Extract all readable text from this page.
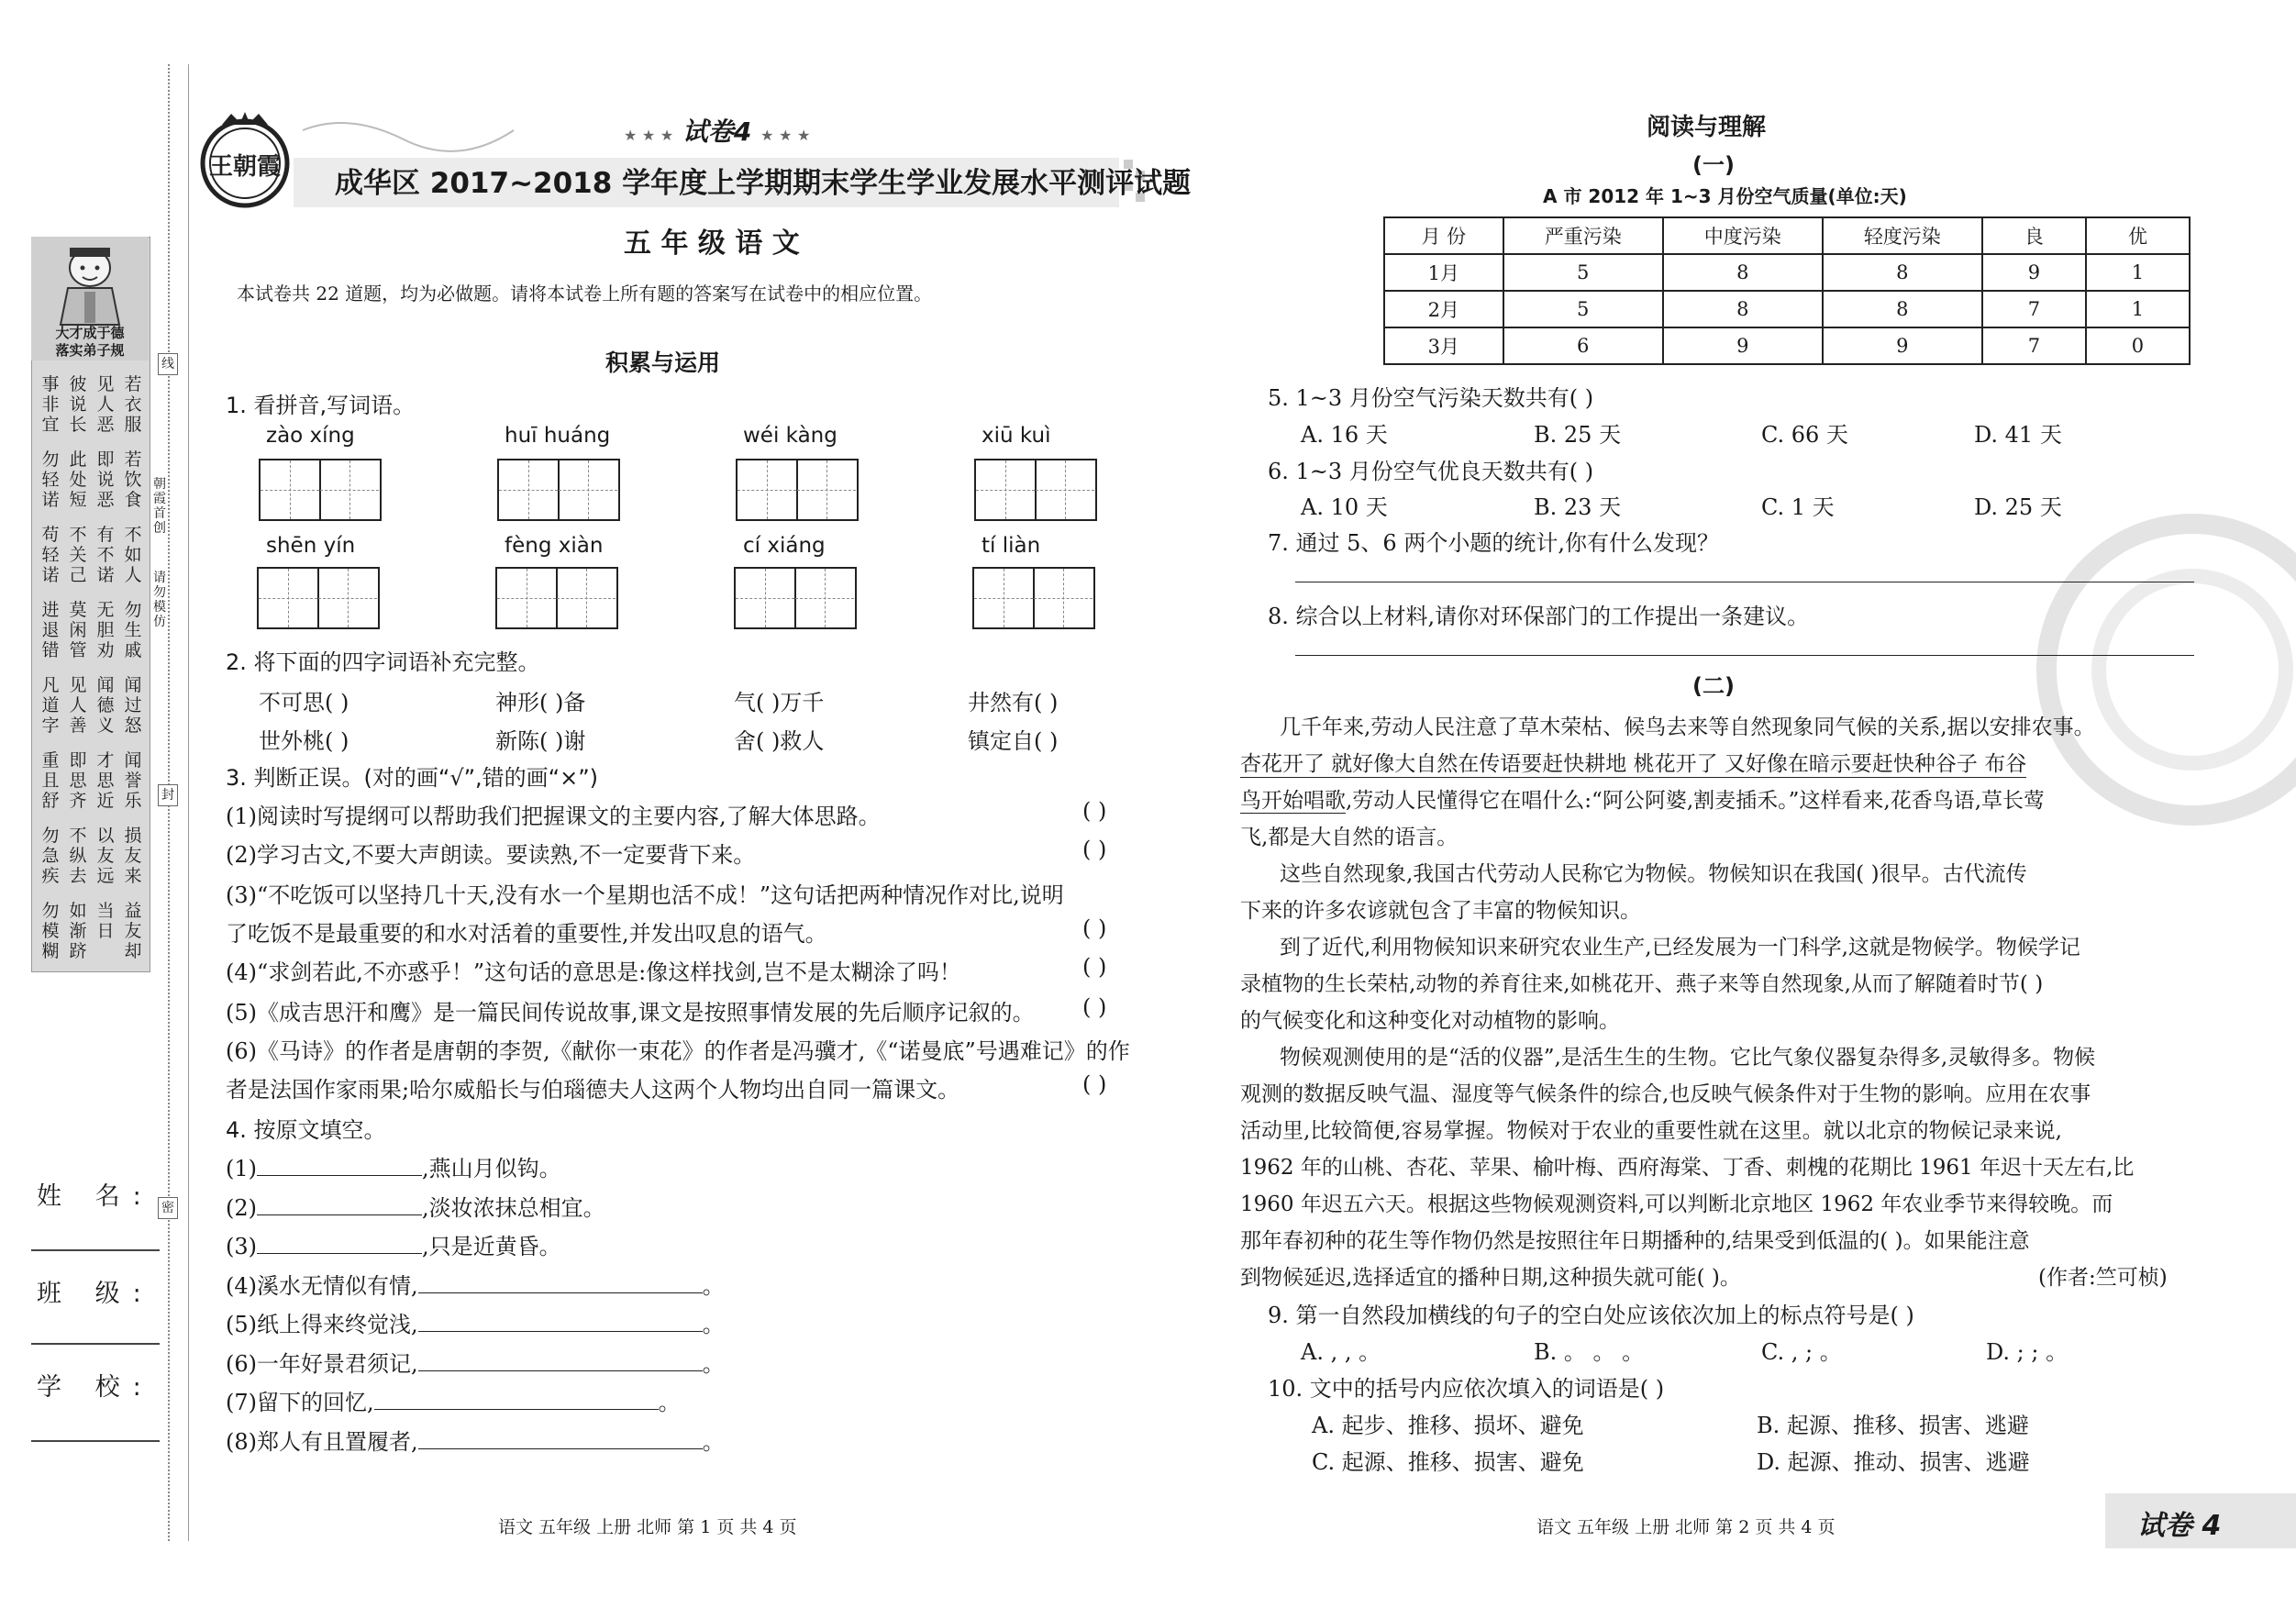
大才成于德
落实弟子规
线
封
密
朝霞首创
请勿模仿
姓 名:
班 级:
学 校:
王朝霞
★ ★ ★ 试卷4 ★ ★ ★
成华区 2017~2018 学年度上学期期末学生学业发展水平测评试题
五 年 级 语 文
本试卷共 22 道题，均为必做题。请将本试卷上所有题的答案写在试卷中的相应位置。
积累与运用
1. 看拼音,写词语。
2. 将下面的四字词语补充完整。
3. 判断正误。(对的画“√”,错的画“×”)
4. 按原文填空。
语文 五年级 上册 北师 第 1 页 共 4 页
阅读与理解
(一)
A 市 2012 年 1~3 月份空气质量(单位:天)
月 份	严重污染	中度污染	轻度污染	良	优
1月	5	8	8	9	1
2月	5	8	8	7	1
3月	6	9	9	7	0
(二)
语文 五年级 上册 北师 第 2 页 共 4 页	试卷 4
事非宜
彼说长
见人恶
若衣服
勿轻诺
此处短
即说恶
若饮食
苟轻诺
不关己
有不诺
不如人
进退错
莫闲管
无胆劝
勿生戚
凡道字
见人善
闻德义
闻过怒
重且舒
即思齐
才思近
闻誉乐
勿急疾
不纵去
以友远
损友来
勿模糊
如渐跻
当日
益友却
zào xíng	huī huáng	wéi kàng	xiū kuì
shēn yín	fèng xiàn	cí xiáng	tí liàn
不可思( )	神形( )备	气( )万千	井然有( )
世外桃( )	新陈( )谢	舍( )救人	镇定自( )
(1)阅读时写提纲可以帮助我们把握课文的主要内容,了解大体思路。	( )
(2)学习古文,不要大声朗读。要读熟,不一定要背下来。	( )
(3)“不吃饭可以坚持几十天,没有水一个星期也活不成！”这句话把两种情况作对比,说明
了吃饭不是最重要的和水对活着的重要性,并发出叹息的语气。	( )
(4)“求剑若此,不亦惑乎！”这句话的意思是:像这样找剑,岂不是太糊涂了吗！	( )
(5)《成吉思汗和鹰》是一篇民间传说故事,课文是按照事情发展的先后顺序记叙的。 ( )
(6)《马诗》的作者是唐朝的李贺,《献你一束花》的作者是冯骥才,《“诺曼底”号遇难记》的作
者是法国作家雨果;哈尔威船长与伯瑙德夫人这两个人物均出自同一篇课文。	( )
(1)	,燕山月似钩。
(2)	,淡妆浓抹总相宜。
(3)	,只是近黄昏。
(4)溪水无情似有情,	。
(5)纸上得来终觉浅,	。
(6)一年好景君须记,	。
(7)留下的回忆,	。
(8)郑人有且置履者,	。
5. 1~3 月份空气污染天数共有( )
A. 16 天	B. 25 天	C. 66 天	D. 41 天
6. 1~3 月份空气优良天数共有( )
A. 10 天	B. 23 天	C. 1 天	D. 25 天
7. 通过 5、6 两个小题的统计,你有什么发现？
8. 综合以上材料,请你对环保部门的工作提出一条建议。
几千年来,劳动人民注意了草木荣枯、候鸟去来等自然现象同气候的关系,据以安排农事。
杏花开了 就好像大自然在传语要赶快耕地 桃花开了 又好像在暗示要赶快种谷子 布谷
飞,都是大自然的语言。
这些自然现象,我国古代劳动人民称它为物候。物候知识在我国( )很早。古代流传
下来的许多农谚就包含了丰富的物候知识。
到了近代,利用物候知识来研究农业生产,已经发展为一门科学,这就是物候学。物候学记
录植物的生长荣枯,动物的养育往来,如桃花开、燕子来等自然现象,从而了解随着时节( )
的气候变化和这种变化对动植物的影响。
物候观测使用的是“活的仪器”,是活生生的生物。它比气象仪器复杂得多,灵敏得多。物候
观测的数据反映气温、湿度等气候条件的综合,也反映气候条件对于生物的影响。应用在农事
活动里,比较简便,容易掌握。物候对于农业的重要性就在这里。就以北京的物候记录来说,
1962 年的山桃、杏花、苹果、榆叶梅、西府海棠、丁香、刺槐的花期比 1961 年迟十天左右,比
1960 年迟五六天。根据这些物候观测资料,可以判断北京地区 1962 年农业季节来得较晚。而
那年春初种的花生等作物仍然是按照往年日期播种的,结果受到低温的( )。如果能注意
到物候延迟,选择适宜的播种日期,这种损失就可能( )。
鸟开始唱歌,劳动人民懂得它在唱什么:“阿公阿婆,割麦插禾。”这样看来,花香鸟语,草长莺
(作者:竺可桢)
9. 第一自然段加横线的句子的空白处应该依次加上的标点符号是( )
A. , , 。	B. 。 。 。	C. , ; 。	D. ; ; 。
10. 文中的括号内应依次填入的词语是( )
A. 起步、推移、损坏、避免	B. 起源、推移、损害、逃避
C. 起源、推移、损害、避免	D. 起源、推动、损害、逃避
